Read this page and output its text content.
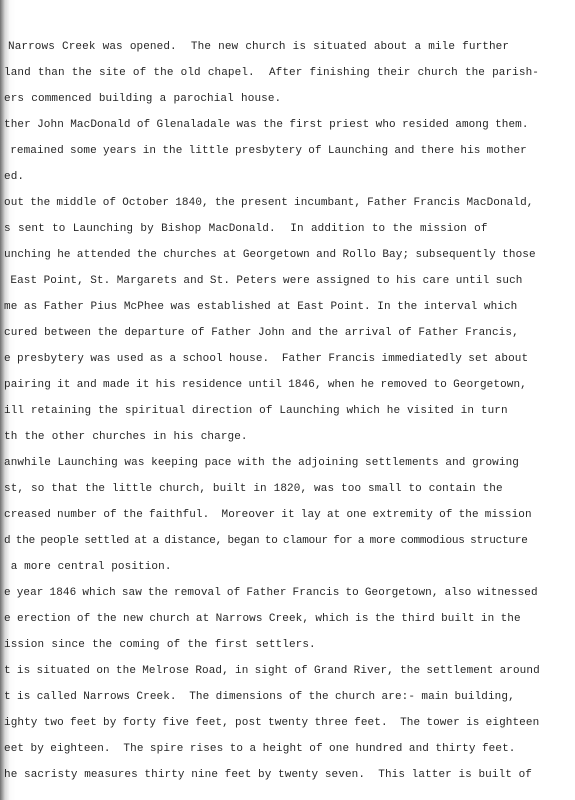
Narrows Creek was opened.  The new church is situated about a mile further
land than the site of the old chapel.  After finishing their church the parish-
ers commenced building a parochial house.
ther John MacDonald of Glenaladale was the first priest who resided among them.
remained some years in the little presbytery of Launching and there his mother
ed.
out the middle of October 1840, the present incumbant, Father Francis MacDonald,
s sent to Launching by Bishop MacDonald.  In addition to the mission of
unching he attended the churches at Georgetown and Rollo Bay; subsequently those
East Point, St. Margarets and St. Peters were assigned to his care until such
me as Father Pius McPhee was established at East Point. In the interval which
cured between the departure of Father John and the arrival of Father Francis,
e presbytery was used as a school house.  Father Francis immediatedly set about
pairing it and made it his residence until 1846, when he removed to Georgetown,
ill retaining the spiritual direction of Launching which he visited in turn
th the other churches in his charge.
anwhile Launching was keeping pace with the adjoining settlements and growing
st, so that the little church, built in 1820, was too small to contain the
creased number of the faithful.  Moreover it lay at one extremity of the mission
d the people settled at a distance, began to clamour for a more commodious structure
a more central position.
e year 1846 which saw the removal of Father Francis to Georgetown, also witnessed
e erection of the new church at Narrows Creek, which is the third built in the
ission since the coming of the first settlers.
t is situated on the Melrose Road, in sight of Grand River, the settlement around
t is called Narrows Creek.  The dimensions of the church are:- main building,
ighty two feet by forty five feet, post twenty three feet.  The tower is eighteen
eet by eighteen.  The spire rises to a height of one hundred and thirty feet.
he sacristy measures thirty nine feet by twenty seven.  This latter is built of
